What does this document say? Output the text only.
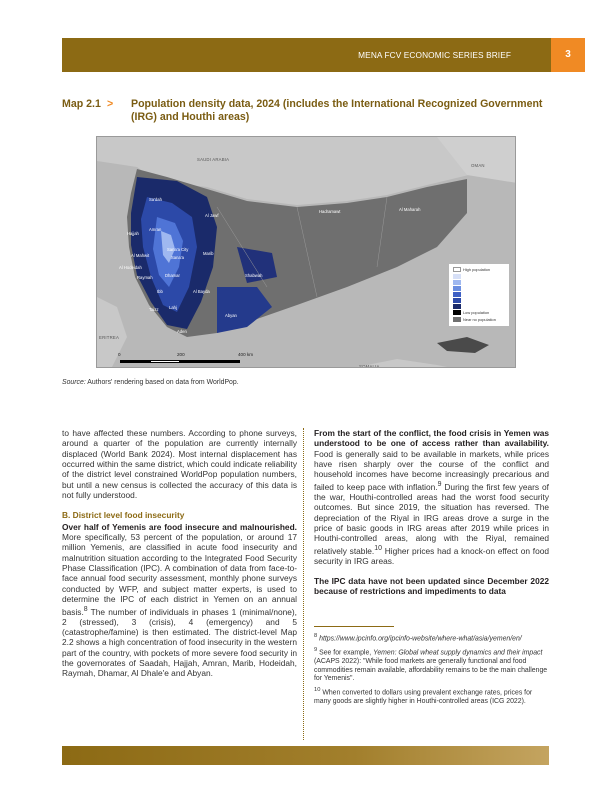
MENA FCV ECONOMIC SERIES BRIEF	3
Map 2.1 > Population density data, 2024 (includes the International Recognized Government (IRG) and Houthi areas)
SAUDI ARABIA
OMAN
ERITREA
SOMALIA
Sa'dah
Al Jawf
Amran
Hajjah
Sana'a City
Sana'a
Marib
Al Mahwit
Al Hodeidah
Raymah	Dhamar
Ibb	Al Bayda
Taizz Lahj
Aden
Abyan
Shabwah
Hadramawt	Al Maharah
High population
Low population
Near no population
0	200	400 km
Source: Authors' rendering based on data from WorldPop.

to have affected these numbers. According to phone surveys, around a quarter of the population are currently internally displaced (World Bank 2024). Most internal displacement has occurred within the same district, which could indicate reliability of the district level constrained WorldPop population numbers, but until a new census is collected the accuracy of this data is not fully understood.

B. District level food insecurity

Over half of Yemenis are food insecure and malnourished. More specifically, 53 percent of the population, or around 17 million Yemenis, are classified in acute food insecurity and malnutrition situation according to the Integrated Food Security Phase Classification (IPC). A combination of data from face-to-face annual food security assessment, monthly phone surveys conducted by WFP, and subject matter experts, is used to determine the IPC of each district in Yemen on an annual basis.$^8$ The number of individuals in phases 1 (minimal/none), 2 (stressed), 3 (crisis), 4 (emergency) and 5 (catastrophe/famine) is then estimated. The district-level Map 2.2 shows a high concentration of food insecurity in the western part of the country, with pockets of more severe food security in the governorates of Saadah, Hajjah, Amran, Marib, Hodeidah, Raymah, Dhamar, Al Dhale'e and Abyan.

From the start of the conflict, the food crisis in Yemen was understood to be one of access rather than availability. Food is generally said to be available in markets, while prices have risen sharply over the course of the conflict and household incomes have become increasingly precarious and failed to keep pace with inflation.$^9$ During the first few years of the war, Houthi-controlled areas had the worst food security outcomes. But since 2019, the situation has reversed. The depreciation of the Riyal in IRG areas drove a surge in the price of basic goods in IRG areas after 2019 while prices in Houthi-controlled areas, along with the Riyal, remained relatively stable.$^{10}$ Higher prices had a knock-on effect on food security in IRG areas.

The IPC data have not been updated since December 2022 because of restrictions and impediments to data

$^8$ https://www.ipcinfo.org/ipcinfo-website/where-what/asia/yemen/en/
$^9$ See for example, Yemen: Global wheat supply dynamics and their impact (ACAPS 2022): "While food markets are generally functional and food commodities remain available, affordability remains to be the main challenge for Yemenis".
$^{10}$ When converted to dollars using prevalent exchange rates, prices for many goods are slightly higher in Houthi-controlled areas (ICG 2022).
